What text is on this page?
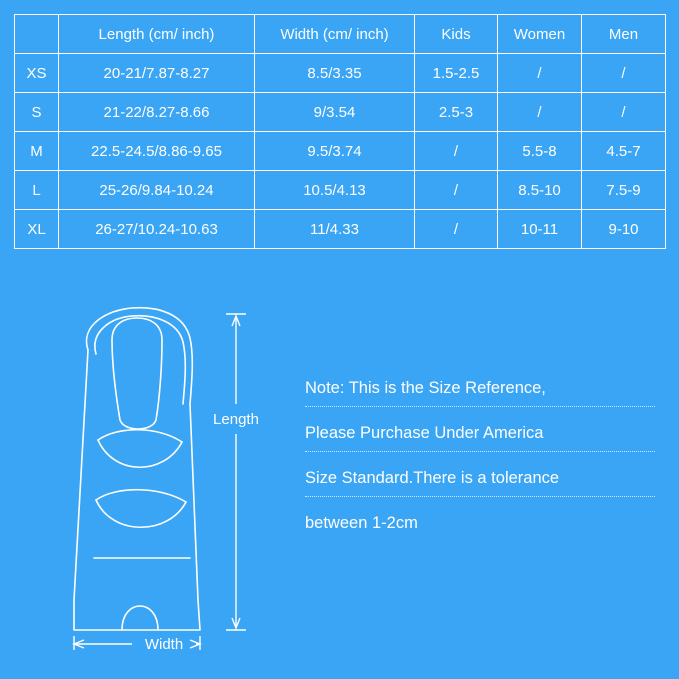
	Length (cm/ inch)	Width (cm/ inch)	Kids	Women	Men
XS	20-21/7.87-8.27	8.5/3.35	1.5-2.5	/	/
S	21-22/8.27-8.66	9/3.54	2.5-3	/	/
M	22.5-24.5/8.86-9.65	9.5/3.74	/	5.5-8	4.5-7
L	25-26/9.84-10.24	10.5/4.13	/	8.5-10	7.5-9
XL	26-27/10.24-10.63	11/4.33	/	10-11	9-10
Length
Width
Note: This is the Size Reference,
Please Purchase Under America
Size Standard.There is a tolerance
between 1-2cm
